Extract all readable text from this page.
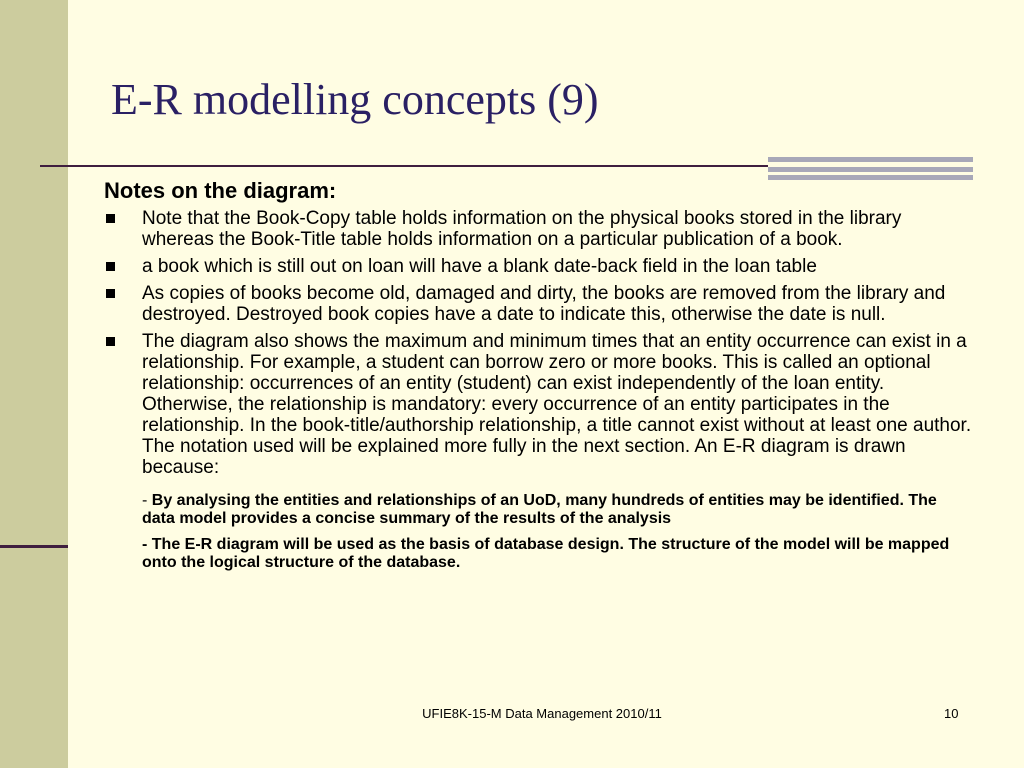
E-R modelling concepts (9)
Notes on the diagram:
Note that the Book-Copy table holds information on the physical books stored in the library whereas the Book-Title table holds information on a particular publication of a book.
a book which is still out on loan will have a blank date-back field in the loan table
As copies of books become old, damaged and dirty, the books are removed from the library and destroyed. Destroyed book copies have a date to indicate this, otherwise the date is null.
The diagram also shows the maximum and minimum times that an entity occurrence can exist in a relationship. For example, a student can borrow zero or more books. This is called an optional relationship: occurrences of an entity (student) can exist independently of the loan entity. Otherwise, the relationship is mandatory: every occurrence of an entity participates in the relationship. In the book-title/authorship relationship, a title cannot exist without at least one author. The notation used will be explained more fully in the next section. An E-R diagram is drawn because:
- By analysing the entities and relationships of an UoD, many hundreds of entities may be identified. The data model provides a concise summary of the results of the analysis
- The E-R diagram will be used as the basis of database design. The structure of the model will be mapped onto the logical structure of the database.
UFIE8K-15-M Data Management 2010/11	10
